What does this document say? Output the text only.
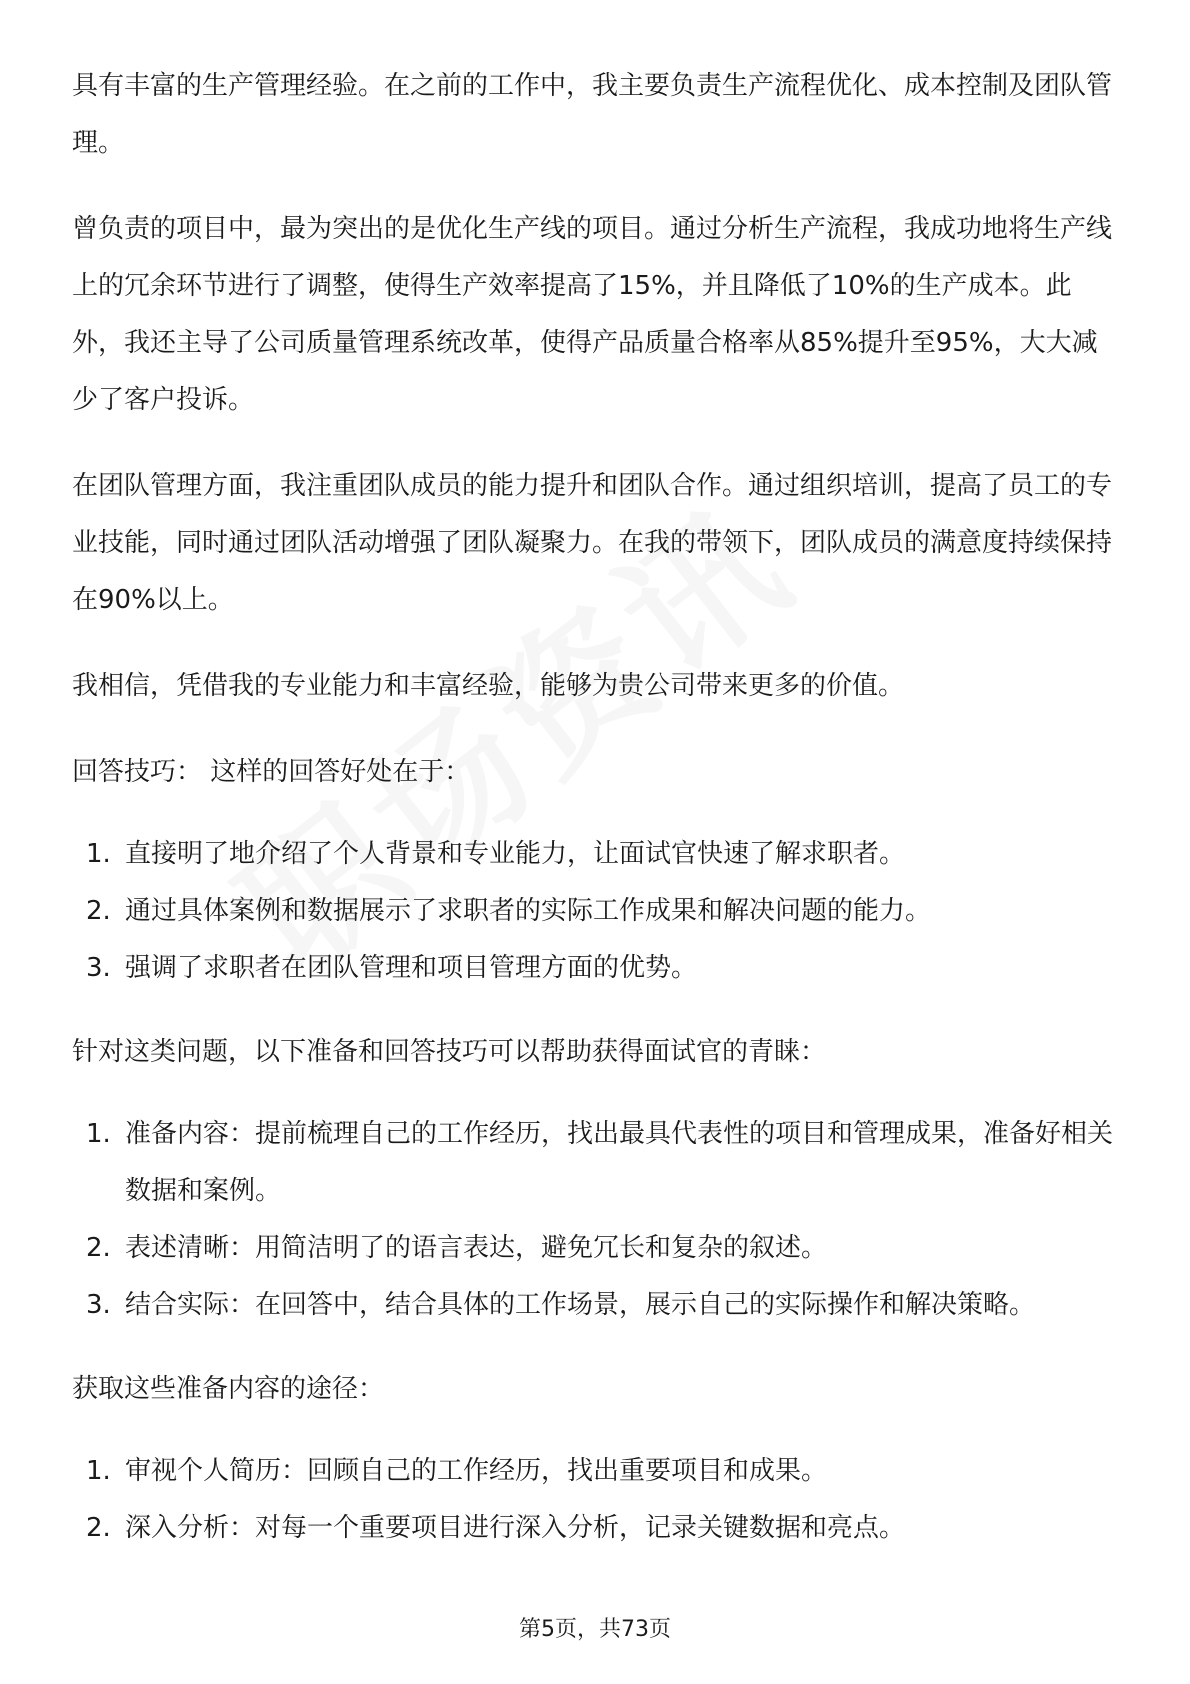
具有丰富的生产管理经验。在之前的工作中，我主要负责生产流程优化、成本控制及团队管理。

曾负责的项目中，最为突出的是优化生产线的项目。通过分析生产流程，我成功地将生产线上的冗余环节进行了调整，使得生产效率提高了15%，并且降低了10%的生产成本。此外，我还主导了公司质量管理系统改革，使得产品质量合格率从85%提升至95%，大大减少了客户投诉。

在团队管理方面，我注重团队成员的能力提升和团队合作。通过组织培训，提高了员工的专业技能，同时通过团队活动增强了团队凝聚力。在我的带领下，团队成员的满意度持续保持在90%以上。

我相信，凭借我的专业能力和丰富经验，能够为贵公司带来更多的价值。

回答技巧： 这样的回答好处在于：

1. 直接明了地介绍了个人背景和专业能力，让面试官快速了解求职者。
2. 通过具体案例和数据展示了求职者的实际工作成果和解决问题的能力。
3. 强调了求职者在团队管理和项目管理方面的优势。

针对这类问题，以下准备和回答技巧可以帮助获得面试官的青睐：

1. 准备内容：提前梳理自己的工作经历，找出最具代表性的项目和管理成果，准备好相关数据和案例。
2. 表述清晰：用简洁明了的语言表达，避免冗长和复杂的叙述。
3. 结合实际：在回答中，结合具体的工作场景，展示自己的实际操作和解决策略。

获取这些准备内容的途径：

1. 审视个人简历：回顾自己的工作经历，找出重要项目和成果。
2. 深入分析：对每一个重要项目进行深入分析，记录关键数据和亮点。
第5页，共73页
